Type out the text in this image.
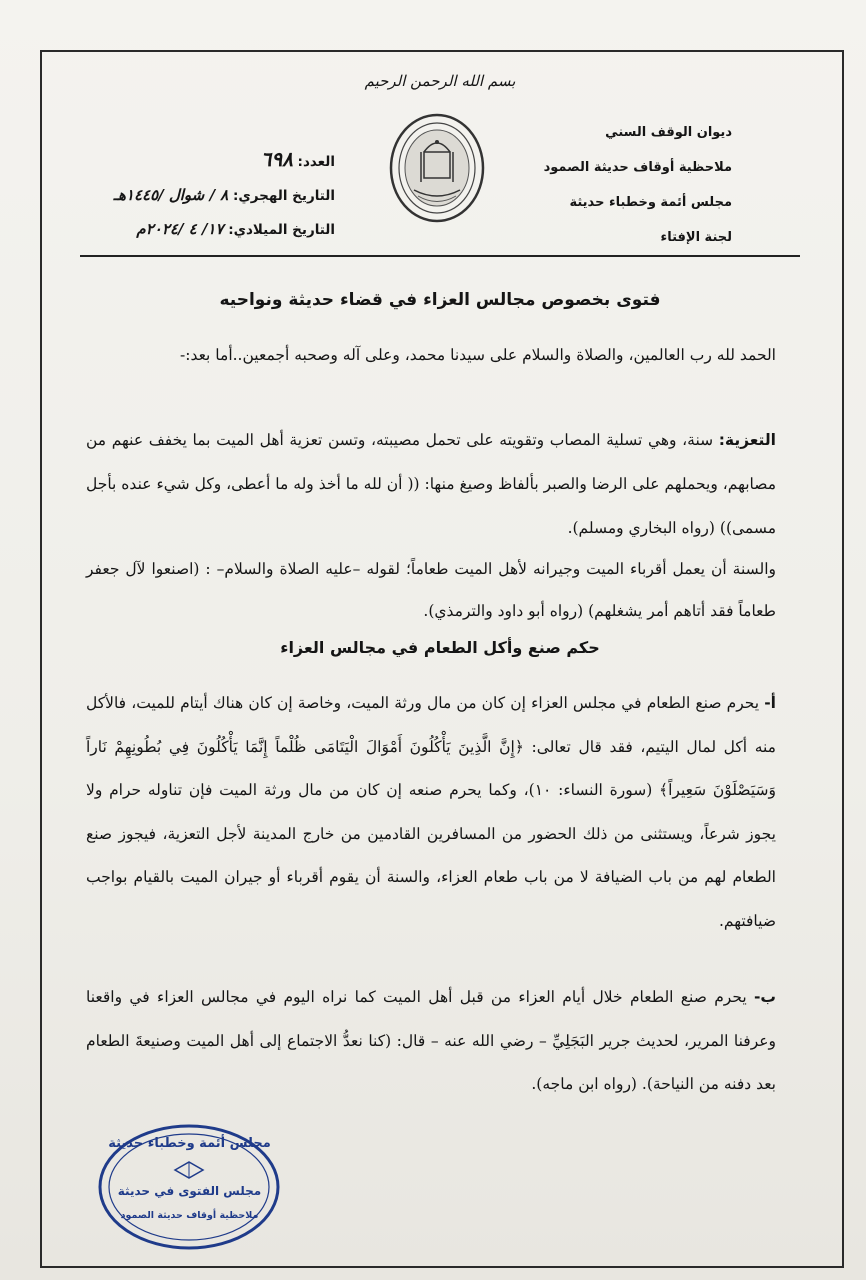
بسم الله الرحمن الرحيم
ديوان الوقف السني
ملاحظية أوقاف حديثة الصمود
مجلس أئمة وخطباء حديثة
لجنة الإفتاء
العدد: ٦٩٨
التاريخ الهجري: ٨ / شوال /١٤٤٥هـ
التاريخ الميلادي: ١٧/ ٤ /٢٠٢٤م
فتوى بخصوص مجالس العزاء في قضاء حديثة ونواحيه

الحمد لله رب العالمين، والصلاة والسلام على سيدنا محمد، وعلى آله وصحبه أجمعين..أما بعد:-

التعزية: سنة، وهي تسلية المصاب وتقويته على تحمل مصيبته، وتسن تعزية أهل الميت بما يخفف عنهم من مصابهم، ويحملهم على الرضا والصبر بألفاظ وصيغ منها: (( أن لله ما أخذ وله ما أعطى، وكل شيء عنده بأجل مسمى)) (رواه البخاري ومسلم).

والسنة أن يعمل أقرباء الميت وجيرانه لأهل الميت طعاماً؛ لقوله –عليه الصلاة والسلام– : (اصنعوا لآل جعفر طعاماً فقد أتاهم أمر يشغلهم) (رواه أبو داود والترمذي).

حكم صنع وأكل الطعام في مجالس العزاء

أ- يحرم صنع الطعام في مجلس العزاء إن كان من مال ورثة الميت، وخاصة إن كان هناك أيتام للميت، فالأكل منه أكل لمال اليتيم، فقد قال تعالى: ﴿إِنَّ الَّذِينَ يَأْكُلُونَ أَمْوَالَ الْيَتَامَى ظُلْماً إِنَّمَا يَأْكُلُونَ فِي بُطُونِهِمْ نَاراً وَسَيَصْلَوْنَ سَعِيراً﴾ (سورة النساء: ١٠)، وكما يحرم صنعه إن كان من مال ورثة الميت فإن تناوله حرام ولا يجوز شرعاً، ويستثنى من ذلك الحضور من المسافرين القادمين من خارج المدينة لأجل التعزية، فيجوز صنع الطعام لهم من باب الضيافة لا من باب طعام العزاء، والسنة أن يقوم أقرباء أو جيران الميت بالقيام بواجب ضيافتهم.

ب- يحرم صنع الطعام خلال أيام العزاء من قبل أهل الميت كما نراه اليوم في مجالس العزاء في واقعنا وعرفنا المرير، لحديث جرير البَجَلِيِّ – رضي الله عنه – قال: (كنا نعدُّ الاجتماع إلى أهل الميت وصنيعةَ الطعام بعد دفنه من النياحة). (رواه ابن ماجه).

مجلس أئمة وخطباء حديثة
مجلس الفتوى في حديثة
ملاحظية أوقاف حديثة الصمود
